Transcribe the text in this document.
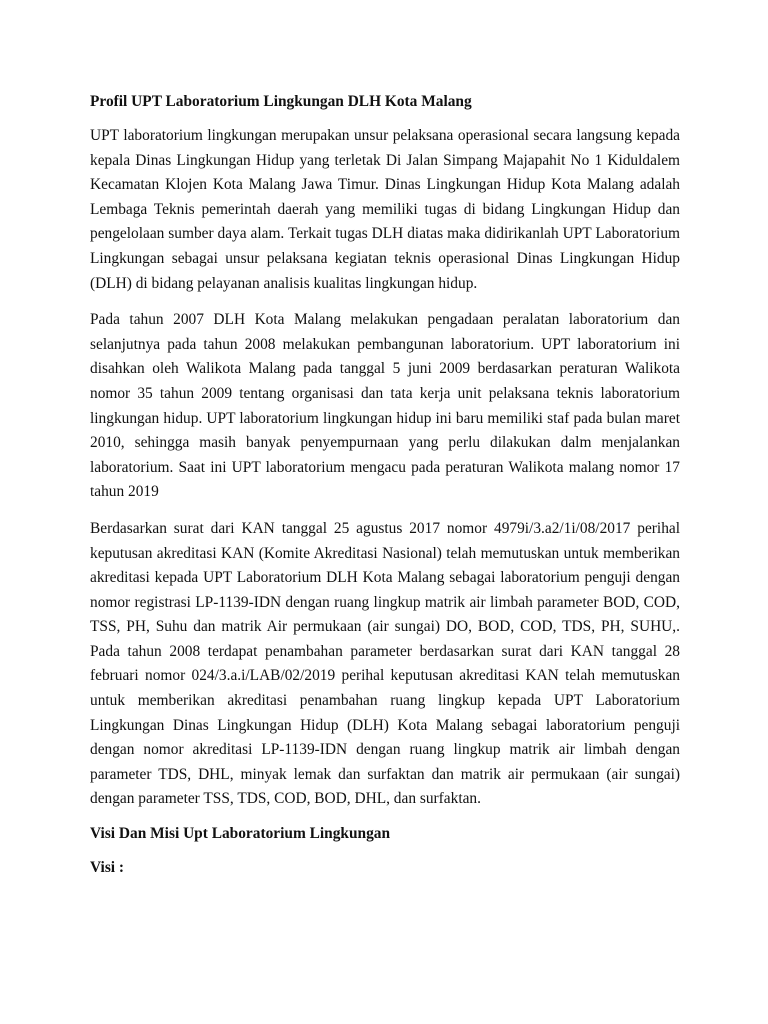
Profil UPT Laboratorium Lingkungan DLH Kota Malang

UPT laboratorium lingkungan merupakan unsur pelaksana operasional secara langsung kepada kepala Dinas Lingkungan Hidup yang terletak Di Jalan Simpang Majapahit No 1 Kiduldalem Kecamatan Klojen Kota Malang Jawa Timur. Dinas Lingkungan Hidup Kota Malang adalah Lembaga Teknis pemerintah daerah yang memiliki tugas di bidang Lingkungan Hidup dan pengelolaan sumber daya alam. Terkait tugas DLH diatas maka didirikanlah UPT Laboratorium Lingkungan sebagai unsur pelaksana kegiatan teknis operasional Dinas Lingkungan Hidup (DLH) di bidang pelayanan analisis kualitas lingkungan hidup.

Pada tahun 2007 DLH Kota Malang melakukan pengadaan peralatan laboratorium dan selanjutnya pada tahun 2008 melakukan pembangunan laboratorium. UPT laboratorium ini disahkan oleh Walikota Malang pada tanggal 5 juni 2009 berdasarkan peraturan Walikota nomor 35 tahun 2009 tentang organisasi dan tata kerja unit pelaksana teknis laboratorium lingkungan hidup. UPT laboratorium lingkungan hidup ini baru memiliki staf pada bulan maret 2010, sehingga masih banyak penyempurnaan yang perlu dilakukan dalm menjalankan laboratorium. Saat ini UPT laboratorium mengacu pada peraturan Walikota malang nomor 17 tahun 2019

Berdasarkan surat dari KAN tanggal 25 agustus 2017 nomor 4979i/3.a2/1i/08/2017 perihal keputusan akreditasi KAN (Komite Akreditasi Nasional) telah memutuskan untuk memberikan akreditasi kepada UPT Laboratorium DLH Kota Malang sebagai laboratorium penguji dengan nomor registrasi LP-1139-IDN dengan ruang lingkup matrik air limbah parameter BOD, COD, TSS, PH, Suhu dan matrik Air permukaan (air sungai) DO, BOD, COD, TDS, PH, SUHU,. Pada tahun 2008 terdapat penambahan parameter berdasarkan surat dari KAN tanggal 28 februari nomor 024/3.a.i/LAB/02/2019 perihal keputusan akreditasi KAN telah memutuskan untuk memberikan akreditasi penambahan ruang lingkup kepada UPT Laboratorium Lingkungan Dinas Lingkungan Hidup (DLH) Kota Malang sebagai laboratorium penguji dengan nomor akreditasi LP-1139-IDN dengan ruang lingkup matrik air limbah dengan parameter TDS, DHL, minyak lemak dan surfaktan dan matrik air permukaan (air sungai) dengan parameter TSS, TDS, COD, BOD, DHL, dan surfaktan.

Visi Dan Misi Upt Laboratorium Lingkungan

Visi :
